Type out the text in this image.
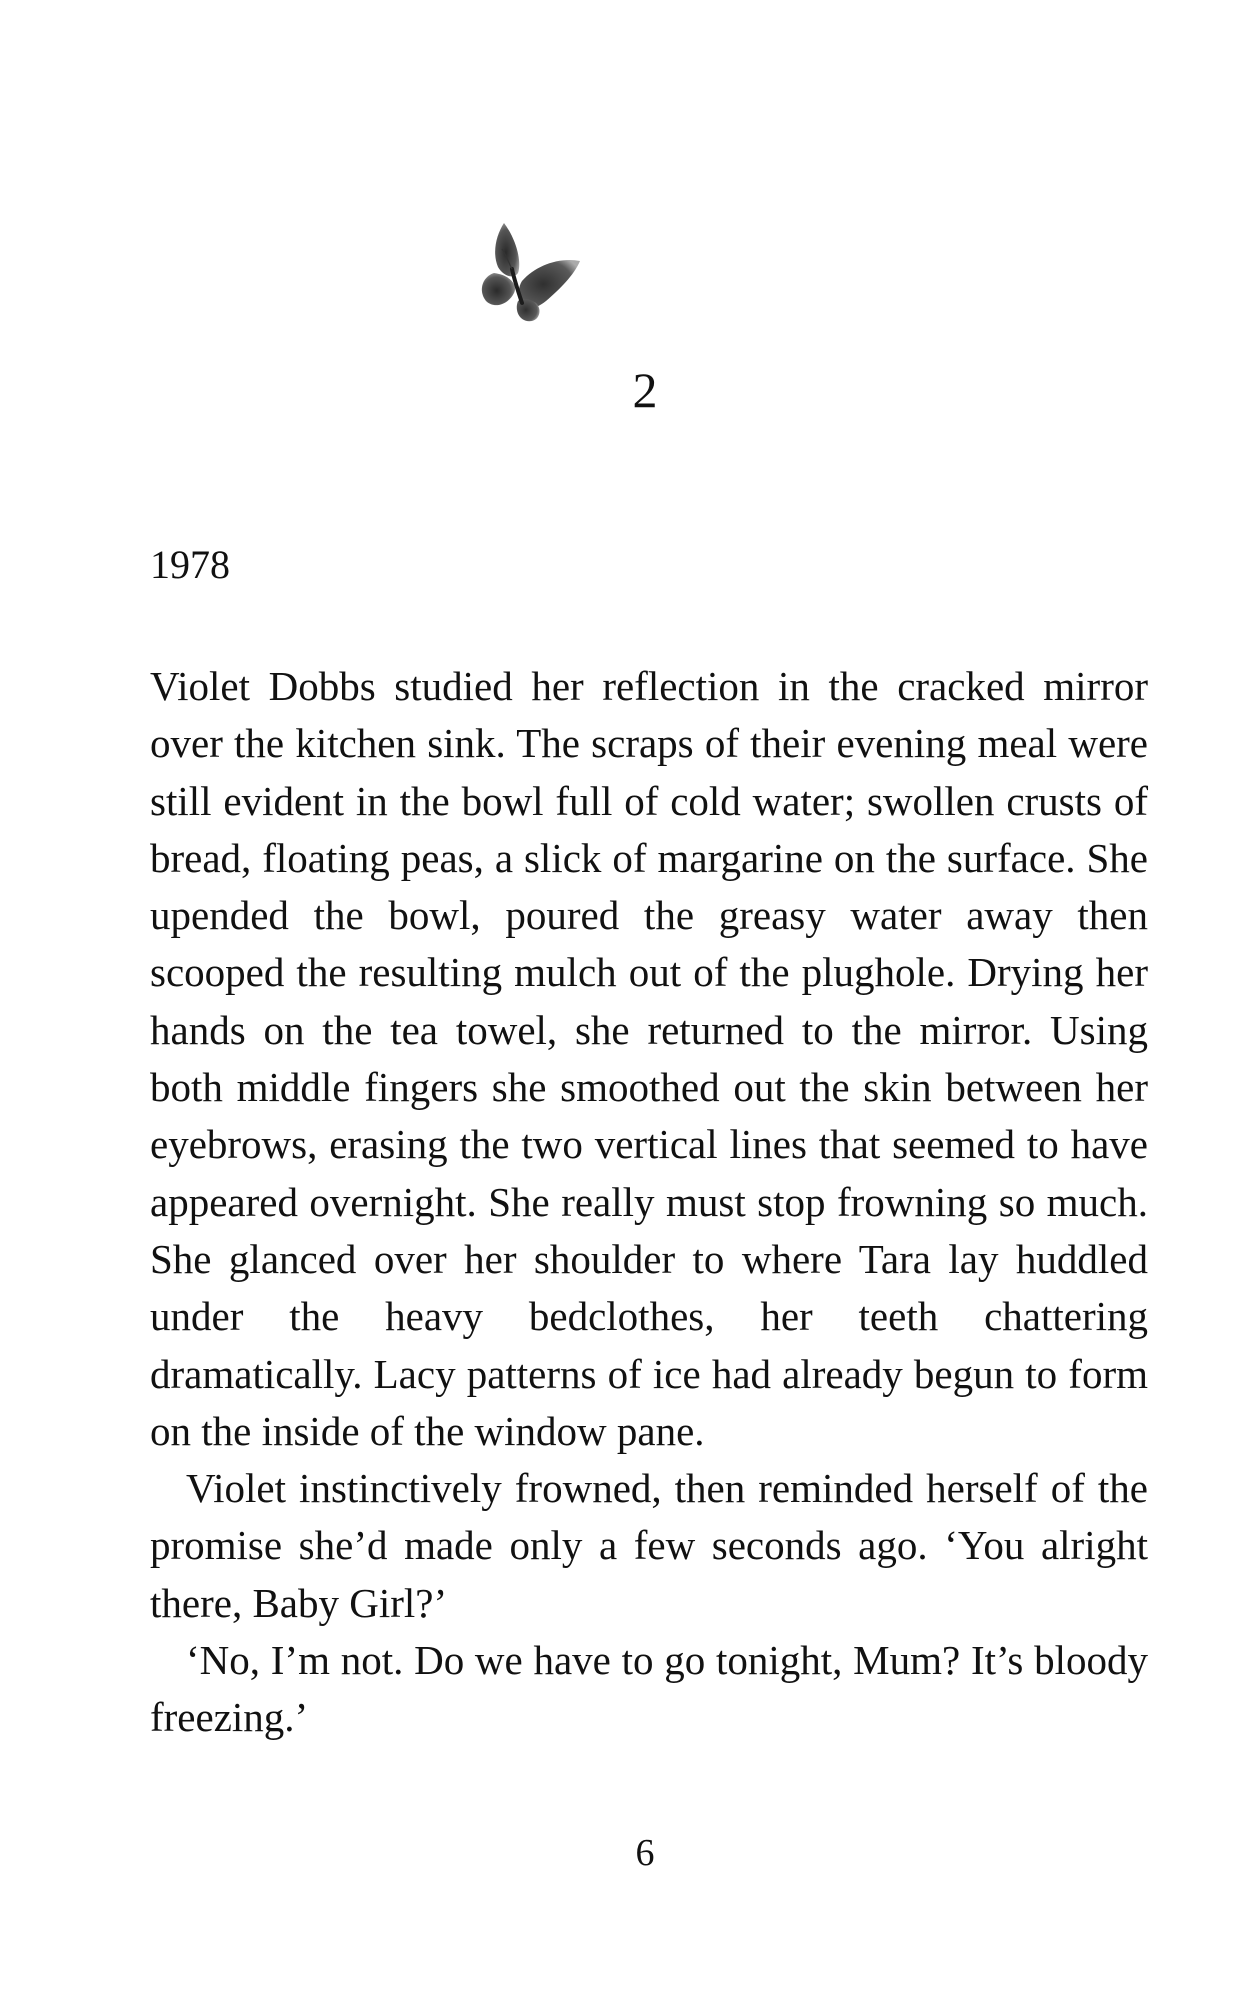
2
1978

Violet Dobbs studied her reflection in the cracked mirror over the kitchen sink. The scraps of their evening meal were still evident in the bowl full of cold water; swollen crusts of bread, floating peas, a slick of margarine on the surface. She upended the bowl, poured the greasy water away then scooped the resulting mulch out of the plughole. Drying her hands on the tea towel, she returned to the mirror. Using both middle fingers she smoothed out the skin between her eyebrows, erasing the two vertical lines that seemed to have appeared overnight. She really must stop frowning so much. She glanced over her shoulder to where Tara lay huddled under the heavy bedclothes, her teeth chattering dramatically. Lacy patterns of ice had already begun to form on the inside of the window pane.

Violet instinctively frowned, then reminded herself of the promise she’d made only a few seconds ago. ‘You alright there, Baby Girl?’

‘No, I’m not. Do we have to go tonight, Mum? It’s bloody freezing.’

6
